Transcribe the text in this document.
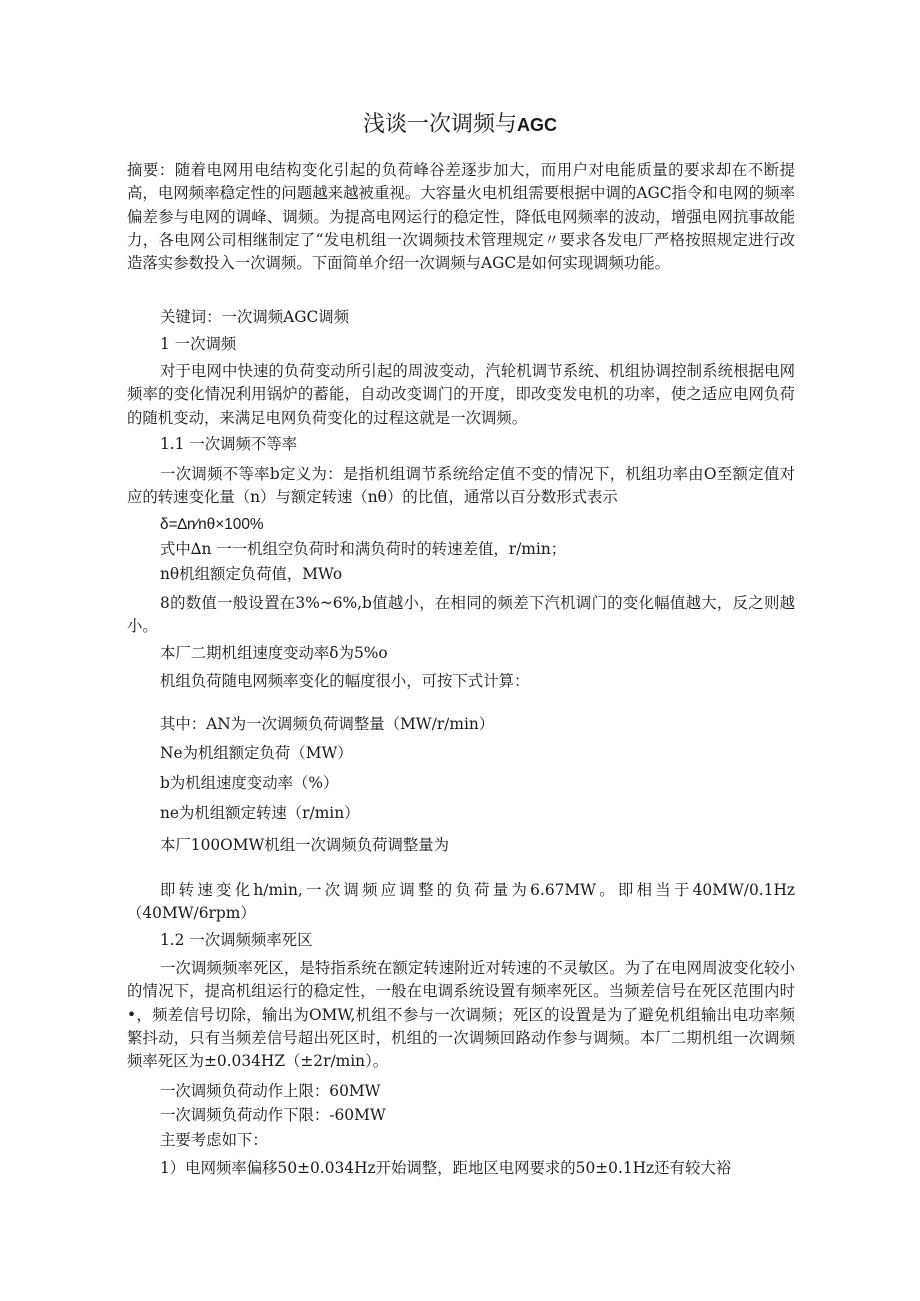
浅谈一次调频与AGC
摘要：随着电网用电结构变化引起的负荷峰谷差逐步加大，而用户对电能质量的要求却在不断提高，电网频率稳定性的问题越来越被重视。大容量火电机组需要根据中调的AGC指令和电网的频率偏差参与电网的调峰、调频。为提高电网运行的稳定性，降低电网频率的波动，增强电网抗事故能力，各电网公司相继制定了“发电机组一次调频技术管理规定〃要求各发电厂严格按照规定进行改造落实参数投入一次调频。下面简单介绍一次调频与AGC是如何实现调频功能。
关键词：一次调频AGC调频
1 一次调频
对于电网中快速的负荷变动所引起的周波变动，汽轮机调节系统、机组协调控制系统根据电网频率的变化情况利用锅炉的蓄能，自动改变调门的开度，即改变发电机的功率，使之适应电网负荷的随机变动，来满足电网负荷变化的过程这就是一次调频。
1.1 一次调频不等率
一次调频不等率b定义为：是指机组调节系统给定值不变的情况下，机组功率由O至额定值对应的转速变化量（n）与额定转速（nθ）的比值，通常以百分数形式表示
δ=∆n∕nθ×100%
式中∆n 一一机组空负荷时和满负荷时的转速差值，r/min；
nθ机组额定负荷值，MWo
8的数值一般设置在3%~6%,b值越小，在相同的频差下汽机调门的变化幅值越大，反之则越小。
本厂二期机组速度变动率δ为5%o
机组负荷随电网频率变化的幅度很小，可按下式计算：
其中：AN为一次调频负荷调整量（MW∕r∕min）
Ne为机组额定负荷（MW）
b为机组速度变动率（%）
ne为机组额定转速（r/min）
本厂100OMW机组一次调频负荷调整量为
即转速变化h∕min,一次调频应调整的负荷量为6.67MW。即相当于40MW∕0.1Hz（40MW∕6rpm）
1.2 一次调频频率死区
一次调频频率死区，是特指系统在额定转速附近对转速的不灵敏区。为了在电网周波变化较小的情况下，提高机组运行的稳定性，一般在电调系统设置有频率死区。当频差信号在死区范围内时•，频差信号切除，输出为OMW,机组不参与一次调频；死区的设置是为了避免机组输出电功率频繁抖动，只有当频差信号超出死区时，机组的一次调频回路动作参与调频。本厂二期机组一次调频频率死区为±0.034HZ（±2r∕min）。
一次调频负荷动作上限：60MW
一次调频负荷动作下限：-60MW
主要考虑如下：
1）电网频率偏移50±0.034Hz开始调整，距地区电网要求的50±0.1Hz还有较大裕
